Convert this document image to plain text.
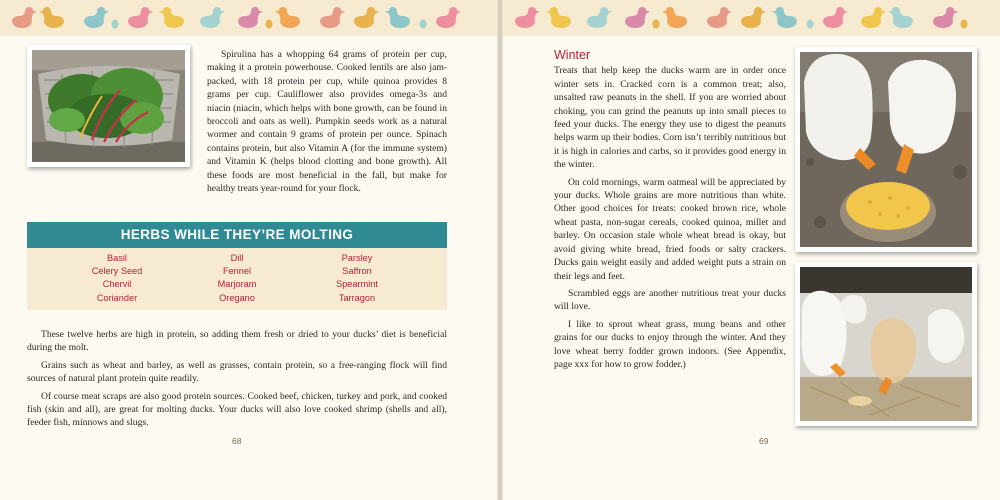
Spirulina has a whopping 64 grams of protein per cup, making it a protein powerhouse. Cooked lentils are also jam-packed, with 18 protein per cup, while quinoa provides 8 grams per cup. Cauliflower also provides omega-3s and niacin (niacin, which helps with bone growth, can be found in broccoli and oats as well). Pumpkin seeds work as a natural wormer and contain 9 grams of protein per ounce. Spinach contains protein, but also Vitamin A (for the immune system) and Vitamin K (helps blood clotting and bone growth). All these foods are most beneficial in the fall, but make for healthy treats year-round for your flock.

HERBS WHILE THEY’RE MOLTING
Basil
Celery Seed
Chervil
Coriander
Dill
Fennel
Marjoram
Oregano
Parsley
Saffron
Spearmint
Tarragon

These twelve herbs are high in protein, so adding them fresh or dried to your ducks’ diet is beneficial during the molt.

Grains such as wheat and barley, as well as grasses, contain protein, so a free-ranging flock will find sources of natural plant protein quite readily.

Of course meat scraps are also good protein sources. Cooked beef, chicken, turkey and pork, and cooked fish (skin and all), are great for molting ducks. Your ducks will also love cooked shrimp (shells and all), feeder fish, minnows and slugs.

68
Winter

Treats that help keep the ducks warm are in order once winter sets in. Cracked corn is a common treat; also, unsalted raw peanuts in the shell. If you are worried about choking, you can grind the peanuts up into small pieces to feed your ducks. The energy they use to digest the peanuts helps warm up their bodies. Corn isn’t terribly nutritious but it is high in calories and carbs, so it provides good energy in the winter.

On cold mornings, warm oatmeal will be appreciated by your ducks. Whole grains are more nutritious than white. Other good choices for treats: cooked brown rice, whole wheat pasta, non-sugar cereals, cooked quinoa, millet and barley. On occasion stale whole wheat bread is okay, but avoid giving white bread, fried foods or salty crackers. Ducks gain weight easily and added weight puts a strain on their legs and feet.

Scrambled eggs are another nutritious treat your ducks will love.

I like to sprout wheat grass, mung beans and other grains for our ducks to enjoy through the winter. And they love wheat berry fodder grown indoors. (See Appendix, page xxx for how to grow fodder.)

69
